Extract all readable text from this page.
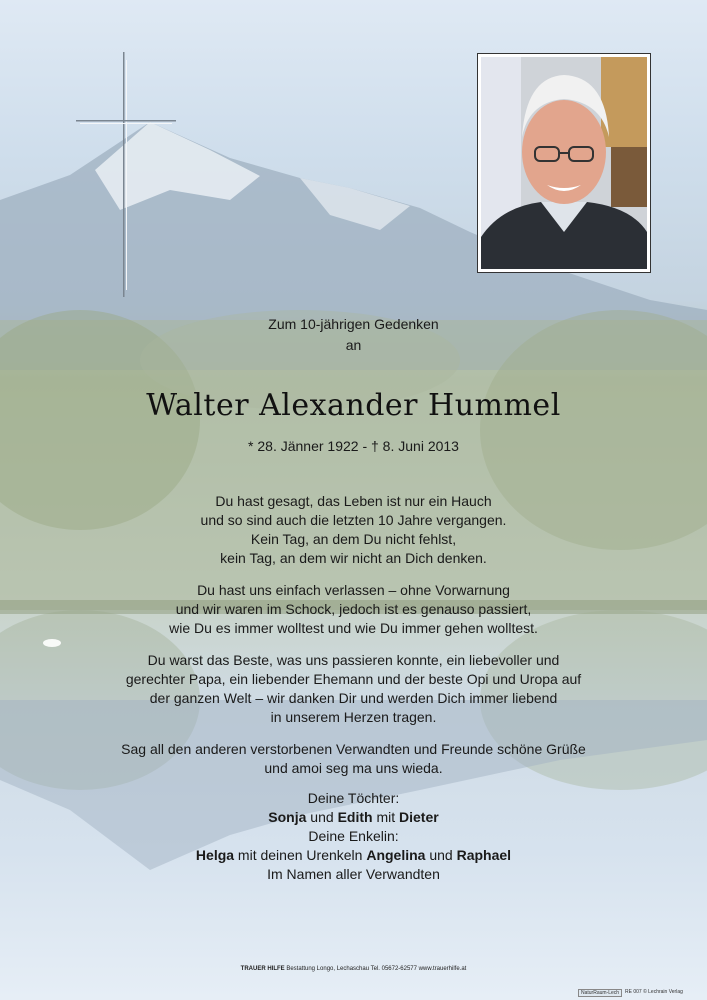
Zum 10-jährigen Gedenken
an
Walter Alexander Hummel
* 28. Jänner 1922 - † 8. Juni 2013

Du hast gesagt, das Leben ist nur ein Hauch
und so sind auch die letzten 10 Jahre vergangen.
Kein Tag, an dem Du nicht fehlst,
kein Tag, an dem wir nicht an Dich denken.

Du hast uns einfach verlassen – ohne Vorwarnung
und wir waren im Schock, jedoch ist es genauso passiert,
wie Du es immer wolltest und wie Du immer gehen wolltest.

Du warst das Beste, was uns passieren konnte, ein liebevoller und
gerechter Papa, ein liebender Ehemann und der beste Opi und Uropa auf
der ganzen Welt – wir danken Dir und werden Dich immer liebend
in unserem Herzen tragen.

Sag all den anderen verstorbenen Verwandten und Freunde schöne Grüße
und amoi seg ma uns wieda.

Deine Töchter:
Sonja und Edith mit Dieter
Deine Enkelin:
Helga mit deinen Urenkeln Angelina und Raphael
Im Namen aller Verwandten
TRAUER HILFE Bestattung Longo, Lechaschau Tel. 05672-62577 www.trauerhilfe.at
NaturRaum-Lech	RE 007 © Lechrain Verlag
